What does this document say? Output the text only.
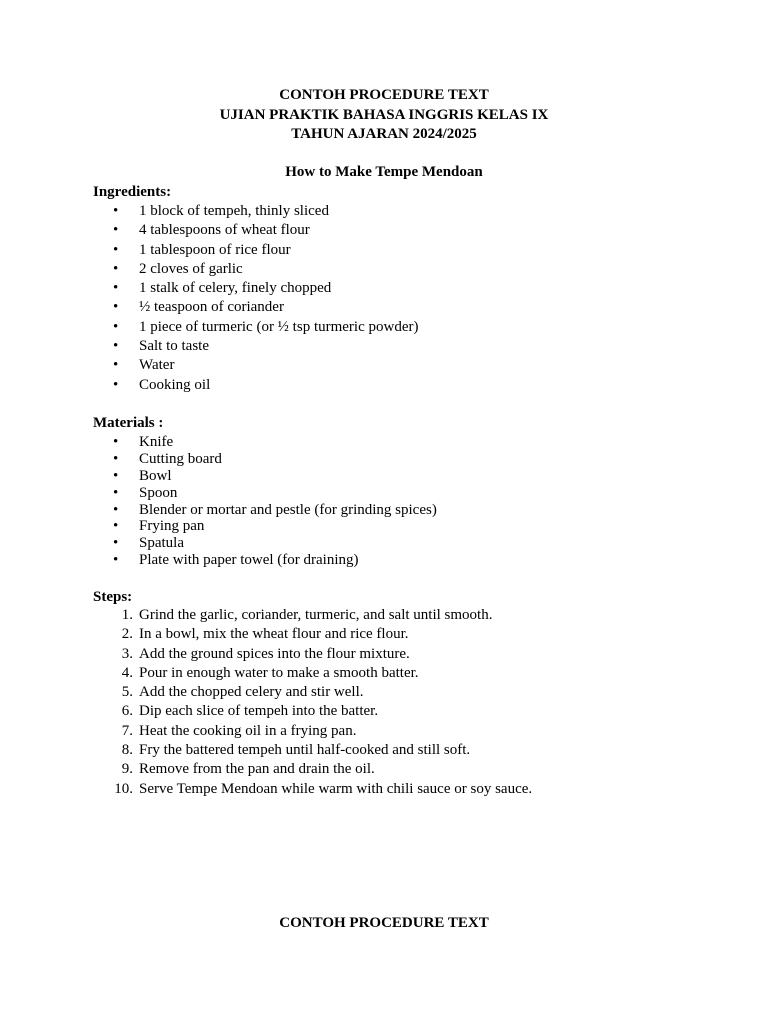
CONTOH PROCEDURE TEXT
UJIAN PRAKTIK BAHASA INGGRIS KELAS IX
TAHUN AJARAN 2024/2025
How to Make Tempe Mendoan
Ingredients:
• 1 block of tempeh, thinly sliced
• 4 tablespoons of wheat flour
• 1 tablespoon of rice flour
• 2 cloves of garlic
• 1 stalk of celery, finely chopped
• ½ teaspoon of coriander
• 1 piece of turmeric (or ½ tsp turmeric powder)
• Salt to taste
• Water
• Cooking oil
Materials :
• Knife
• Cutting board
• Bowl
• Spoon
• Blender or mortar and pestle (for grinding spices)
• Frying pan
• Spatula
• Plate with paper towel (for draining)
Steps:
1. Grind the garlic, coriander, turmeric, and salt until smooth.
2. In a bowl, mix the wheat flour and rice flour.
3. Add the ground spices into the flour mixture.
4. Pour in enough water to make a smooth batter.
5. Add the chopped celery and stir well.
6. Dip each slice of tempeh into the batter.
7. Heat the cooking oil in a frying pan.
8. Fry the battered tempeh until half-cooked and still soft.
9. Remove from the pan and drain the oil.
10. Serve Tempe Mendoan while warm with chili sauce or soy sauce.
CONTOH PROCEDURE TEXT
